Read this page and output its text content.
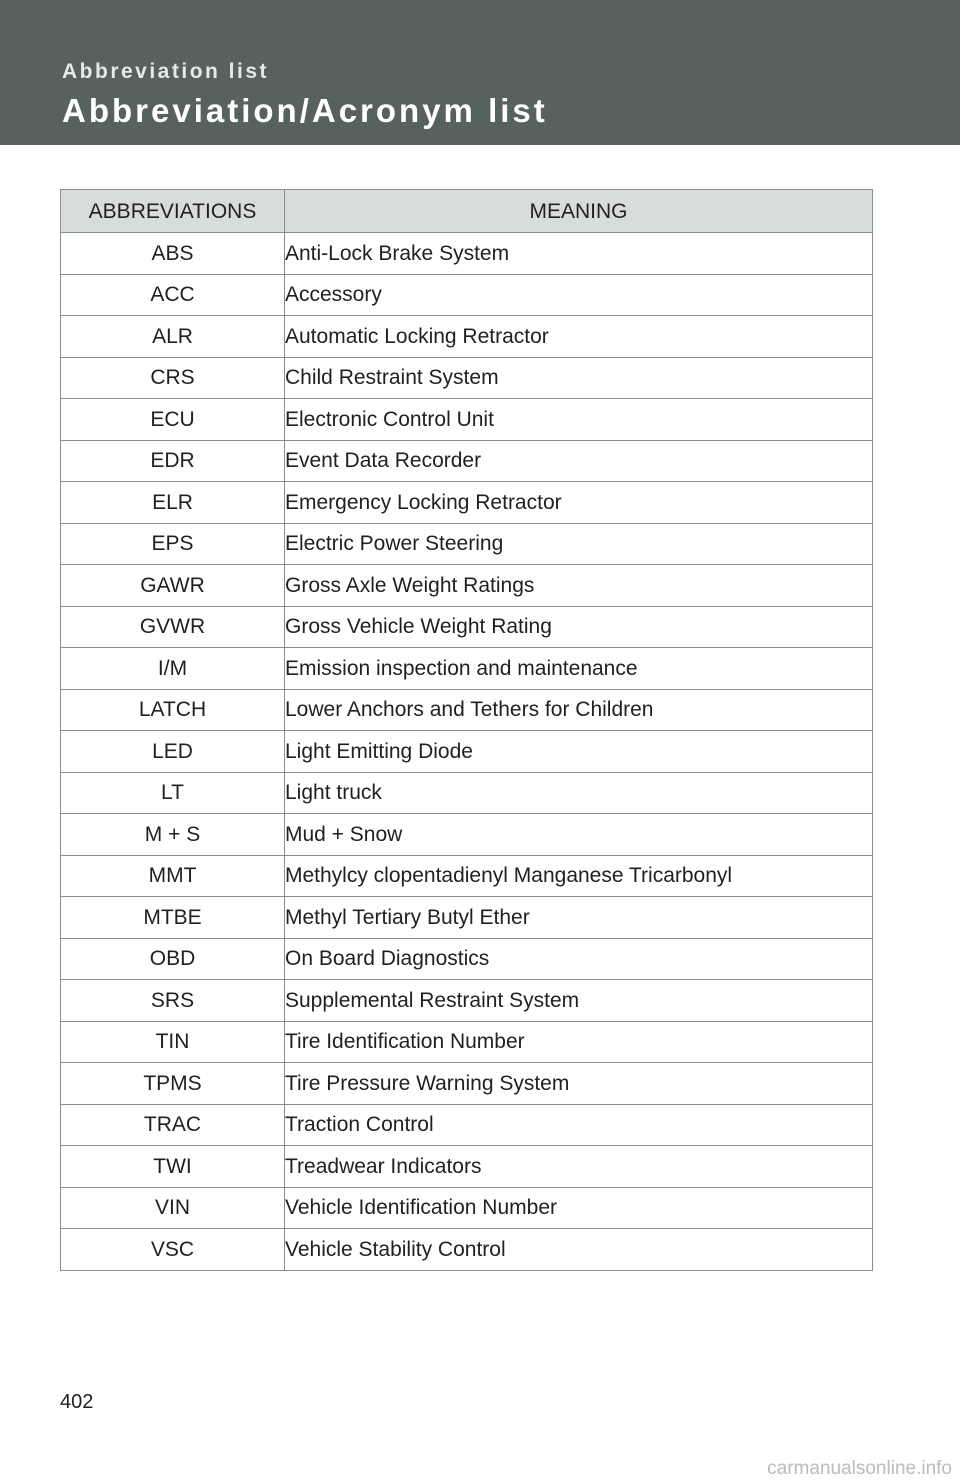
Abbreviation list
Abbreviation/Acronym list
ABBREVIATIONS	MEANING
ABS	Anti-Lock Brake System
ACC	Accessory
ALR	Automatic Locking Retractor
CRS	Child Restraint System
ECU	Electronic Control Unit
EDR	Event Data Recorder
ELR	Emergency Locking Retractor
EPS	Electric Power Steering
GAWR	Gross Axle Weight Ratings
GVWR	Gross Vehicle Weight Rating
I/M	Emission inspection and maintenance
LATCH	Lower Anchors and Tethers for Children
LED	Light Emitting Diode
LT	Light truck
M + S	Mud + Snow
MMT	Methylcy clopentadienyl Manganese Tricarbonyl
MTBE	Methyl Tertiary Butyl Ether
OBD	On Board Diagnostics
SRS	Supplemental Restraint System
TIN	Tire Identification Number
TPMS	Tire Pressure Warning System
TRAC	Traction Control
TWI	Treadwear Indicators
VIN	Vehicle Identification Number
VSC	Vehicle Stability Control
402
carmanualsonline.info
